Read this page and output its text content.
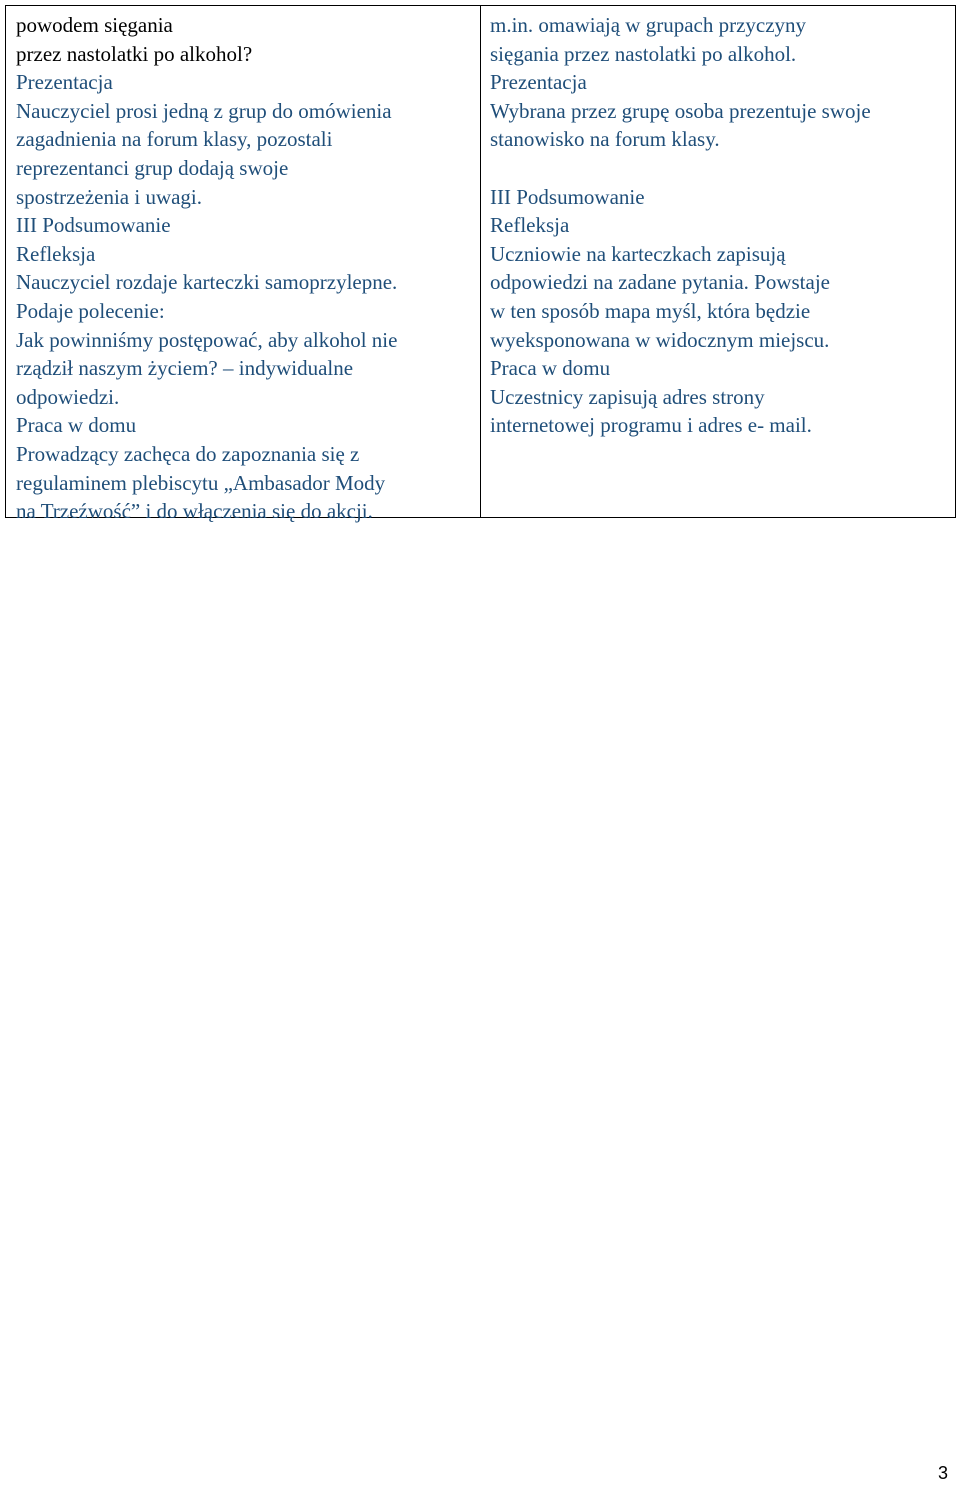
powodem sięgania
przez nastolatki po alkohol?
Prezentacja
Nauczyciel prosi jedną z grup do omówienia
zagadnienia na forum klasy, pozostali
reprezentanci grup dodają swoje
spostrzeżenia i uwagi.
III Podsumowanie
Refleksja
Nauczyciel rozdaje karteczki samoprzylepne.
Podaje polecenie:
Jak powinniśmy postępować, aby alkohol nie
rządził naszym życiem? – indywidualne
odpowiedzi.
Praca w domu
Prowadzący zachęca do zapoznania się z
regulaminem plebiscytu „Ambasador Mody
na Trzeźwość” i do włączenia się do akcji.
m.in. omawiają w grupach przyczyny
sięgania przez nastolatki po alkohol.
Prezentacja
Wybrana przez grupę osoba prezentuje swoje
stanowisko na forum klasy.
III Podsumowanie
Refleksja
Uczniowie na karteczkach zapisują
odpowiedzi na zadane pytania. Powstaje
w ten sposób mapa myśl, która będzie
wyeksponowana w widocznym miejscu.
Praca w domu
Uczestnicy zapisują adres strony
internetowej programu i adres e- mail.
3
